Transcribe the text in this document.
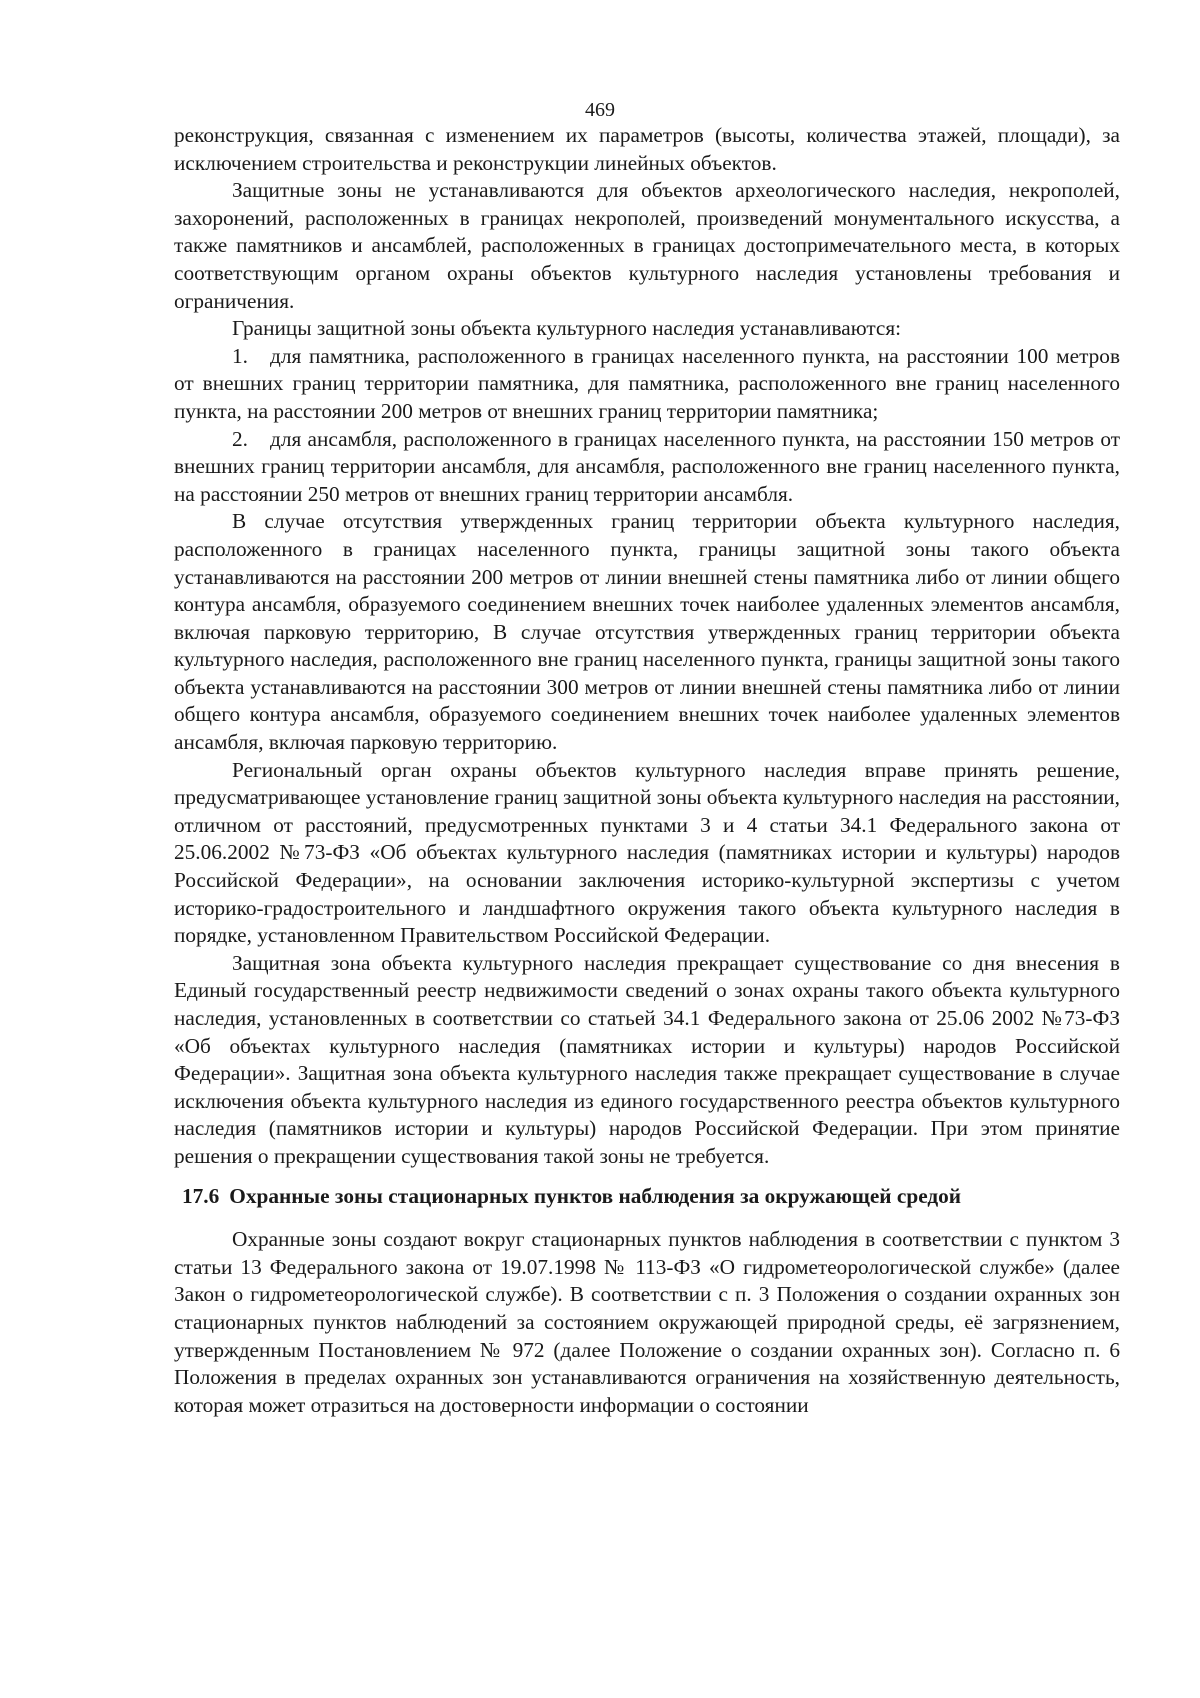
469

реконструкция, связанная с изменением их параметров (высоты, количества этажей, площади), за исключением строительства и реконструкции линейных объектов.

Защитные зоны не устанавливаются для объектов археологического наследия, некрополей, захоронений, расположенных в границах некрополей, произведений монументального искусства, а также памятников и ансамблей, расположенных в границах достопримечательного места, в которых соответствующим органом охраны объектов культурного наследия установлены требования и ограничения.

Границы защитной зоны объекта культурного наследия устанавливаются:

1. для памятника, расположенного в границах населенного пункта, на расстоянии 100 метров от внешних границ территории памятника, для памятника, расположенного вне границ населенного пункта, на расстоянии 200 метров от внешних границ территории памятника;

2. для ансамбля, расположенного в границах населенного пункта, на расстоянии 150 метров от внешних границ территории ансамбля, для ансамбля, расположенного вне границ населенного пункта, на расстоянии 250 метров от внешних границ территории ансамбля.

В случае отсутствия утвержденных границ территории объекта культурного наследия, расположенного в границах населенного пункта, границы защитной зоны такого объекта устанавливаются на расстоянии 200 метров от линии внешней стены памятника либо от линии общего контура ансамбля, образуемого соединением внешних точек наиболее удаленных элементов ансамбля, включая парковую территорию, В случае отсутствия утвержденных границ территории объекта культурного наследия, расположенного вне границ населенного пункта, границы защитной зоны такого объекта устанавливаются на расстоянии 300 метров от линии внешней стены памятника либо от линии общего контура ансамбля, образуемого соединением внешних точек наиболее удаленных элементов ансамбля, включая парковую территорию.

Региональный орган охраны объектов культурного наследия вправе принять решение, предусматривающее установление границ защитной зоны объекта культурного наследия на расстоянии, отличном от расстояний, предусмотренных пунктами 3 и 4 статьи 34.1 Федерального закона от 25.06.2002 №73-ФЗ «Об объектах культурного наследия (памятниках истории и культуры) народов Российской Федерации», на основании заключения историко-культурной экспертизы с учетом историко-градостроительного и ландшафтного окружения такого объекта культурного наследия в порядке, установленном Правительством Российской Федерации.

Защитная зона объекта культурного наследия прекращает существование со дня внесения в Единый государственный реестр недвижимости сведений о зонах охраны такого объекта культурного наследия, установленных в соответствии со статьей 34.1 Федерального закона от 25.06 2002 №73-ФЗ «Об объектах культурного наследия (памятниках истории и культуры) народов Российской Федерации». Защитная зона объекта культурного наследия также прекращает существование в случае исключения объекта культурного наследия из единого государственного реестра объектов культурного наследия (памятников истории и культуры) народов Российской Федерации. При этом принятие решения о прекращении существования такой зоны не требуется.

17.6 Охранные зоны стационарных пунктов наблюдения за окружающей средой

Охранные зоны создают вокруг стационарных пунктов наблюдения в соответствии с пунктом 3 статьи 13 Федерального закона от 19.07.1998 № 113-ФЗ «О гидрометеорологической службе» (далее Закон о гидрометеорологической службе). В соответствии с п. 3 Положения о создании охранных зон стационарных пунктов наблюдений за состоянием окружающей природной среды, её загрязнением, утвержденным Постановлением № 972 (далее Положение о создании охранных зон). Согласно п. 6 Положения в пределах охранных зон устанавливаются ограничения на хозяйственную деятельность, которая может отразиться на достоверности информации о состоянии
